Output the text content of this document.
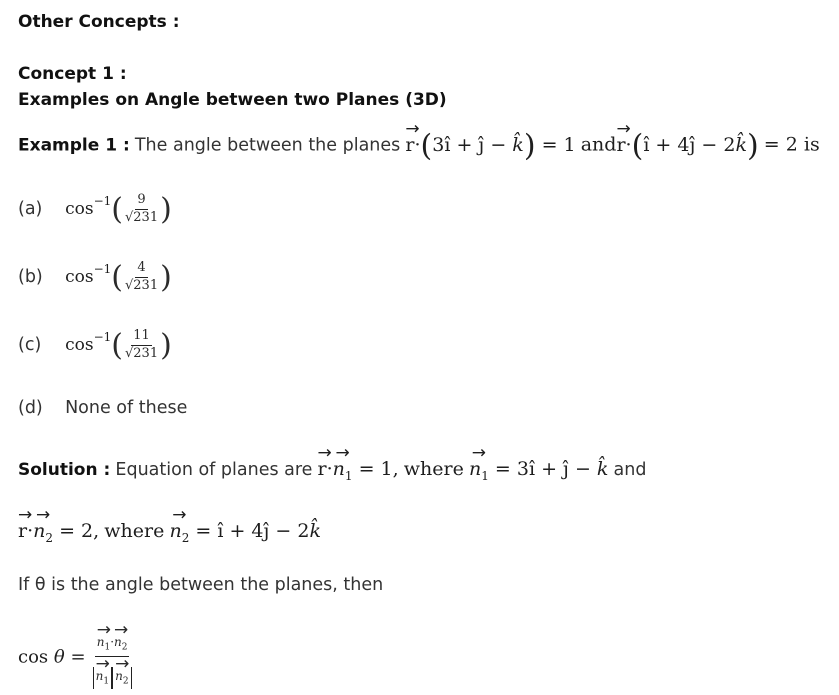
Other Concepts :
Concept 1 :
Examples on Angle between two Planes (3D)
Example 1 : The angle between the planes → r·(3î + ĵ − k̂) = 1 and→ r·(î + 4ĵ − 2k̂) = 2 is
(a) $\cos^{-1}( \frac{9}{√231}$ )
(b) $\cos^{-1}( \frac{4}{√231}$ )
(c) $\cos^{-1}( \frac{11}{√231}$ )
(d) None of these
Solution : Equation of planes are → $r\cdot\to n_1 = 1$, where → $n_1$ = 3î + ĵ − k̂ and
→ $r\cdot\to n_2 = 2$, where → $n_2$ = î + 4ĵ − 2k̂
If θ is the angle between the planes, then
cos θ = → $n_1\cdot\to n_2$
→ $n_1 \to n_2$
